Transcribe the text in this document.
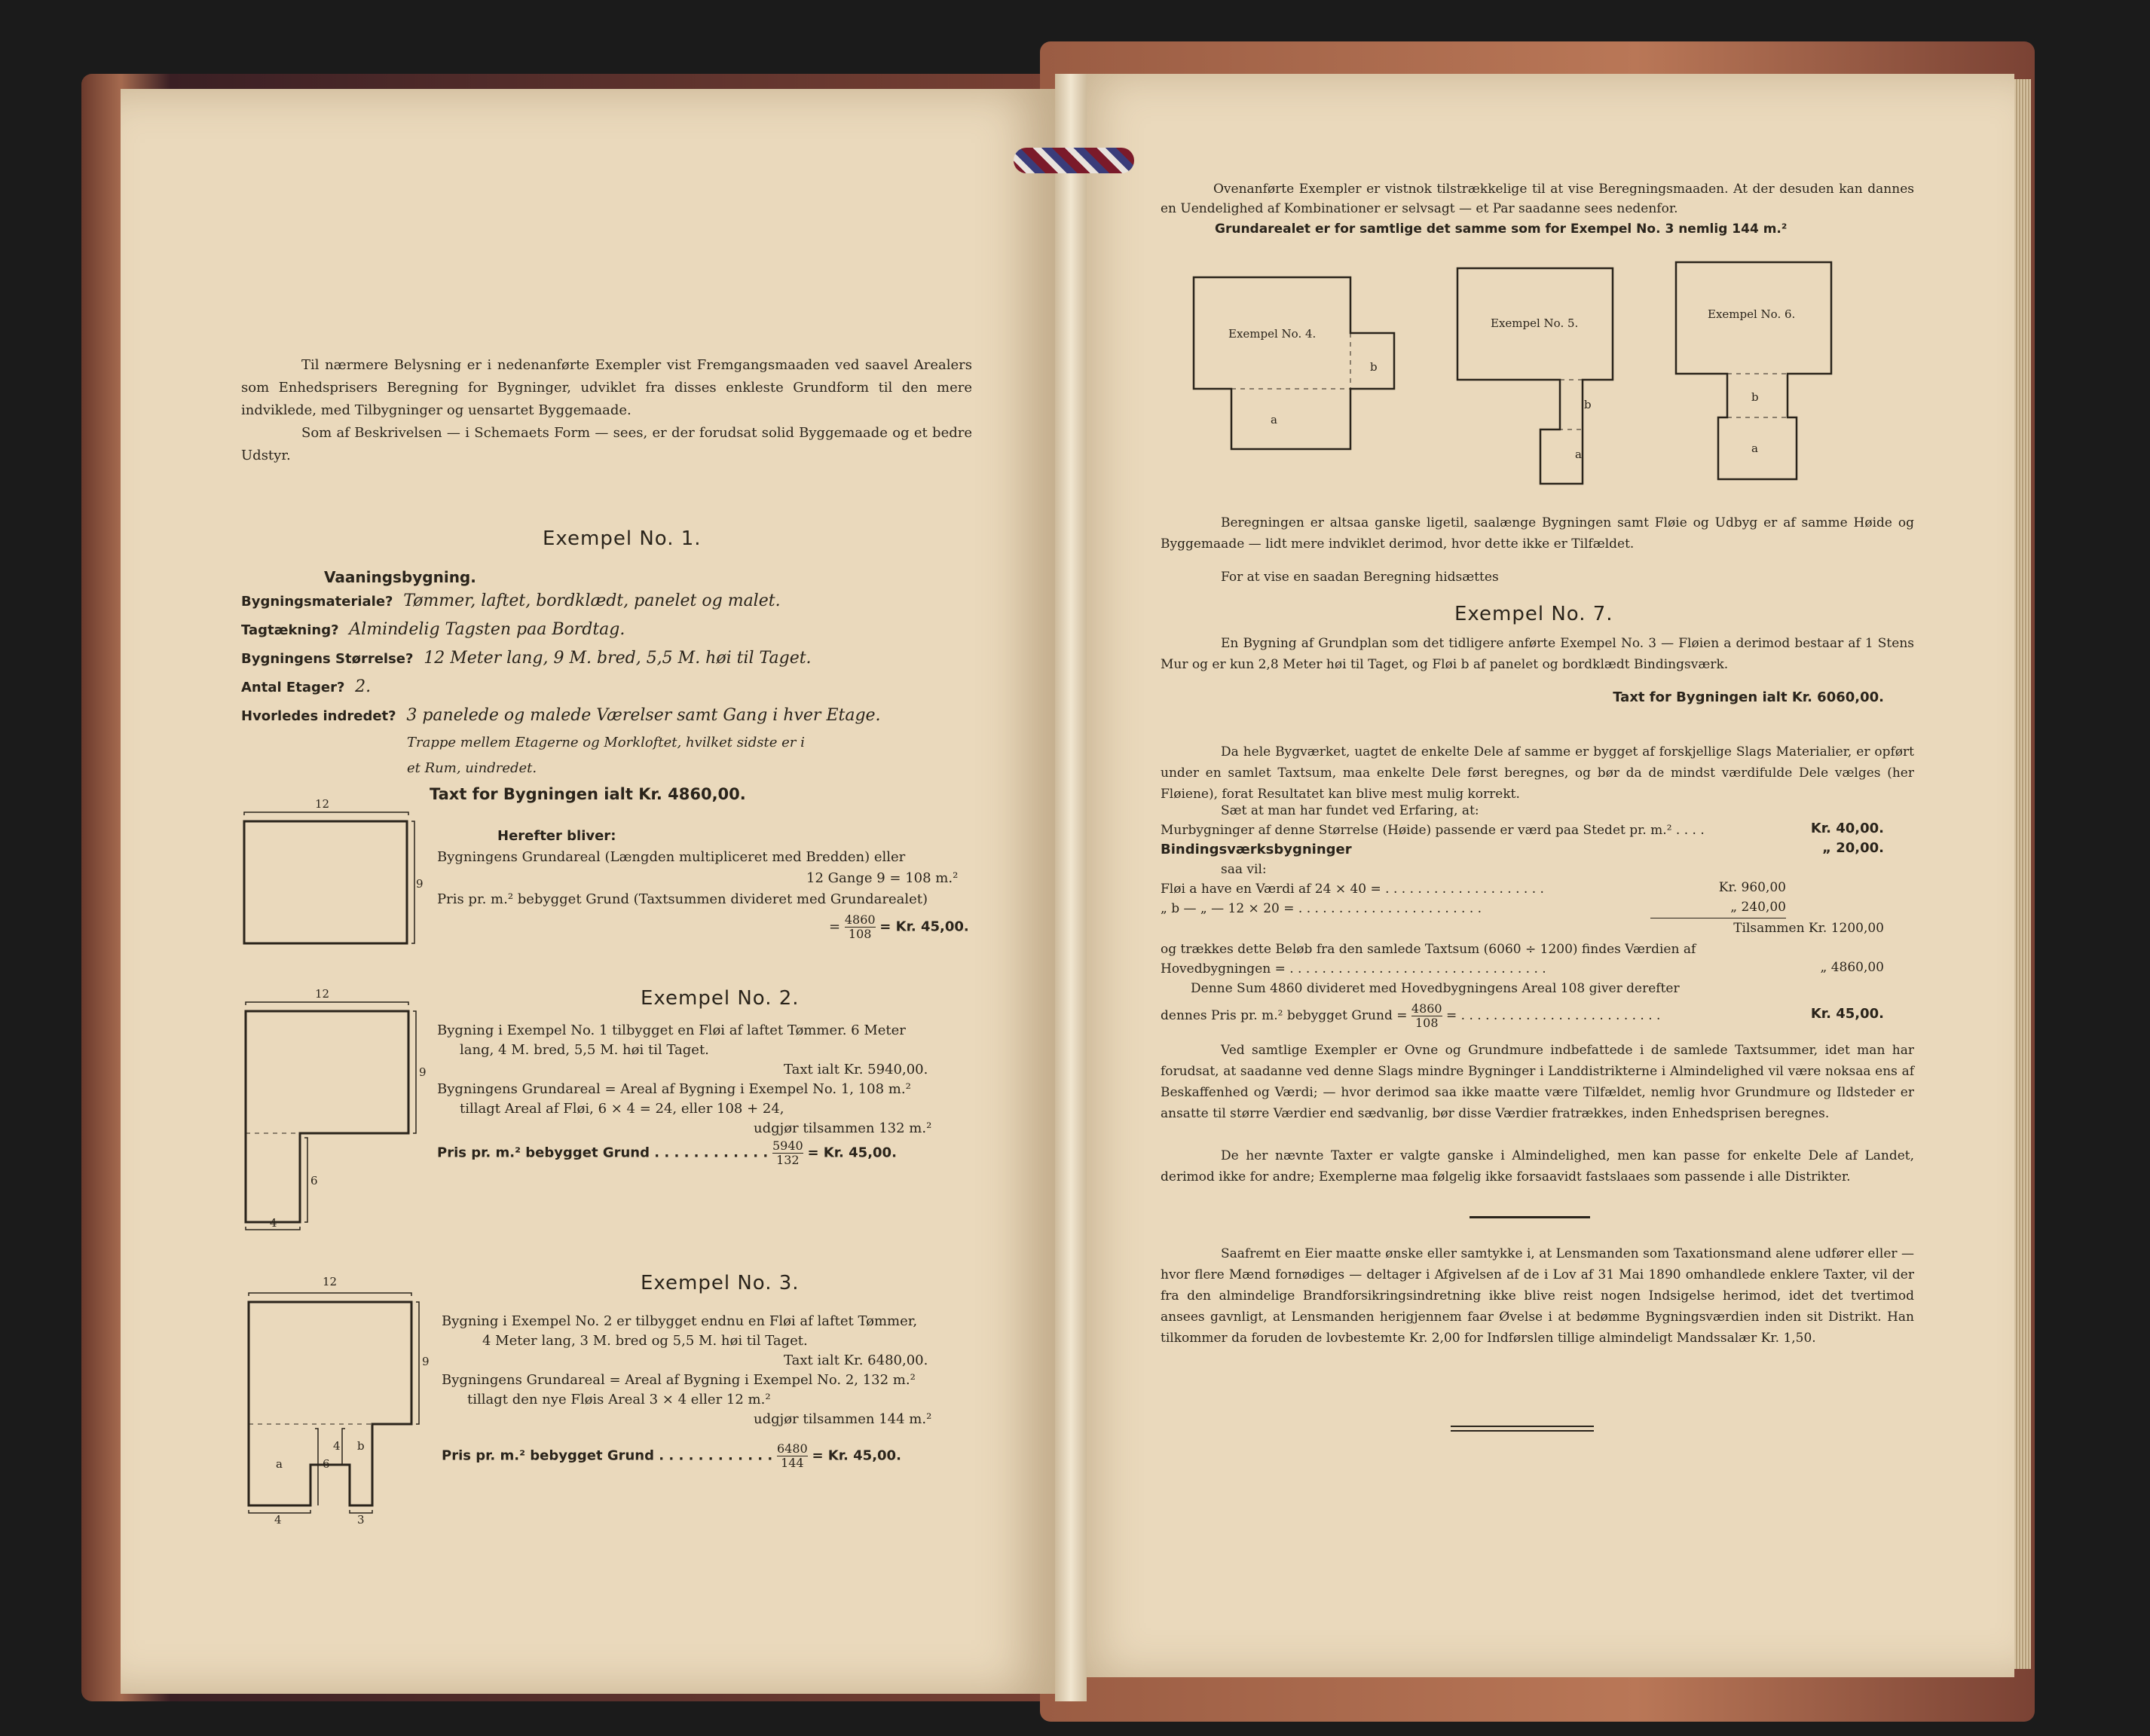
Til nærmere Belysning er i nedenanførte Exempler vist Fremgangsmaaden ved saavel Arealers som Enhedsprisers Beregning for Bygninger, udviklet fra disses enkleste Grundform til den mere indviklede, med Tilbygninger og uensartet Byggemaade.

Som af Beskrivelsen — i Schemaets Form — sees, er der forudsat solid Byggemaade og et bedre Udstyr.

Exempel No. 1.
Vaaningsbygning.
Bygningsmateriale? Tømmer, laftet, bordklædt, panelet og malet.
Tagtækning? Almindelig Tagsten paa Bordtag.
Bygningens Størrelse? 12 Meter lang, 9 M. bred, 5,5 M. høi til Taget.
Antal Etager? 2.
Hvorledes indredet? 3 panelede og malede Værelser samt Gang i hver Etage.
Trappe mellem Etagerne og Morkloftet, hvilket sidste er i
et Rum, uindredet.
Taxt for Bygningen ialt Kr. 4860,00.
12
9
Herefter bliver:
Bygningens Grundareal (Længden multipliceret med Bredden) eller
12 Gange 9 = 108 m.²
Pris pr. m.² bebygget Grund (Taxtsummen divideret med Grundarealet)
= $\frac{4860}{108} = Kr$. 45,00.
Exempel No. 2.
12
9
6
4
Bygning i Exempel No. 1 tilbygget en Fløi af laftet Tømmer. 6 Meter
lang, 4 M. bred, 5,5 M. høi til Taget.
Taxt ialt Kr. 5940,00.
Bygningens Grundareal = Areal af Bygning i Exempel No. 1, 108 m.²
tillagt Areal af Fløi, 6 × 4 = 24, eller 108 + 24,
udgjør tilsammen 132 m.²
Pris pr. m.² bebygget Grund . . . . . . . . . . . . $\frac{5940}{132} = Kr$. 45,00.
Exempel No. 3.
12
9
a	6
4 b
3
4
Bygning i Exempel No. 2 er tilbygget endnu en Fløi af laftet Tømmer,
4 Meter lang, 3 M. bred og 5,5 M. høi til Taget.
Taxt ialt Kr. 6480,00.
Bygningens Grundareal = Areal af Bygning i Exempel No. 2, 132 m.²
tillagt den nye Fløis Areal 3 × 4 eller 12 m.²
udgjør tilsammen 144 m.²
Pris pr. m.² bebygget Grund . . . . . . . . . . . . $\frac{6480}{144} = Kr$. 45,00.

Ovenanførte Exempler er vistnok tilstrækkelige til at vise Beregningsmaaden. At der desuden kan dannes en Uendelighed af Kombinationer er selvsagt — et Par saadanne sees nedenfor.

Grundarealet er for samtlige det samme som for Exempel No. 3 nemlig 144 m.²
Exempel No. 4.
b
a
Exempel No. 5.
b
a
Exempel No. 6.
b
a

Beregningen er altsaa ganske ligetil, saalænge Bygningen samt Fløie og Udbyg er af samme Høide og Byggemaade — lidt mere indviklet derimod, hvor dette ikke er Tilfældet.

For at vise en saadan Beregning hidsættes
Exempel No. 7.

En Bygning af Grundplan som det tidligere anførte Exempel No. 3 — Fløien a derimod bestaar af 1 Stens Mur og er kun 2,8 Meter høi til Taget, og Fløi b af panelet og bordklædt Bindingsværk.

Taxt for Bygningen ialt Kr. 6060,00.

Da hele Bygværket, uagtet de enkelte Dele af samme er bygget af forskjellige Slags Materialier, er opført under en samlet Taxtsum, maa enkelte Dele først beregnes, og bør da de mindst værdifulde Dele vælges (her Fløiene), forat Resultatet kan blive mest mulig korrekt.

Sæt at man har fundet ved Erfaring, at:
Murbygninger af denne Størrelse (Høide) passende er værd paa Stedet pr. m.² . . . .	Kr. 40,00.
Bindingsværksbygninger	„ 20,00.
saa vil:
Fløi a have en Værdi af 24 × 40 = . . . . . . . . . . . . . . . . . . . .	Kr. 960,00
„ b — „ — 12 × 20 = . . . . . . . . . . . . . . . . . . . . . . .	„ 240,00
Tilsammen Kr. 1200,00
og trækkes dette Beløb fra den samlede Taxtsum (6060 ÷ 1200) findes Værdien af
Hovedbygningen = . . . . . . . . . . . . . . . . . . . . . . . . . . . . . . . .	„ 4860,00
Denne Sum 4860 divideret med Hovedbygningens Areal 108 giver derefter
dennes Pris pr. m.² bebygget Grund = $\frac{4860}{108}$ = . . . . . . . . . . . . . . . . . . . . . . . . .	Kr. 45,00.

Ved samtlige Exempler er Ovne og Grundmure indbefattede i de samlede Taxtsummer, idet man har forudsat, at saadanne ved denne Slags mindre Bygninger i Landdistrikterne i Almindelighed vil være noksaa ens af Beskaffenhed og Værdi; — hvor derimod saa ikke maatte være Tilfældet, nemlig hvor Grundmure og Ildsteder er ansatte til større Værdier end sædvanlig, bør disse Værdier fratrækkes, inden Enhedsprisen beregnes.

De her nævnte Taxter er valgte ganske i Almindelighed, men kan passe for enkelte Dele af Landet, derimod ikke for andre; Exemplerne maa følgelig ikke forsaavidt fastslaaes som passende i alle Distrikter.

Saafremt en Eier maatte ønske eller samtykke i, at Lensmanden som Taxationsmand alene udfører eller — hvor flere Mænd fornødiges — deltager i Afgivelsen af de i Lov af 31 Mai 1890 omhandlede enklere Taxter, vil der fra den almindelige Brandforsikringsindretning ikke blive reist nogen Indsigelse herimod, idet det tvertimod ansees gavnligt, at Lensmanden herigjennem faar Øvelse i at bedømme Bygningsværdien inden sit Distrikt. Han tilkommer da foruden de lovbestemte Kr. 2,00 for Indførslen tillige almindeligt Mandssalær Kr. 1,50.
